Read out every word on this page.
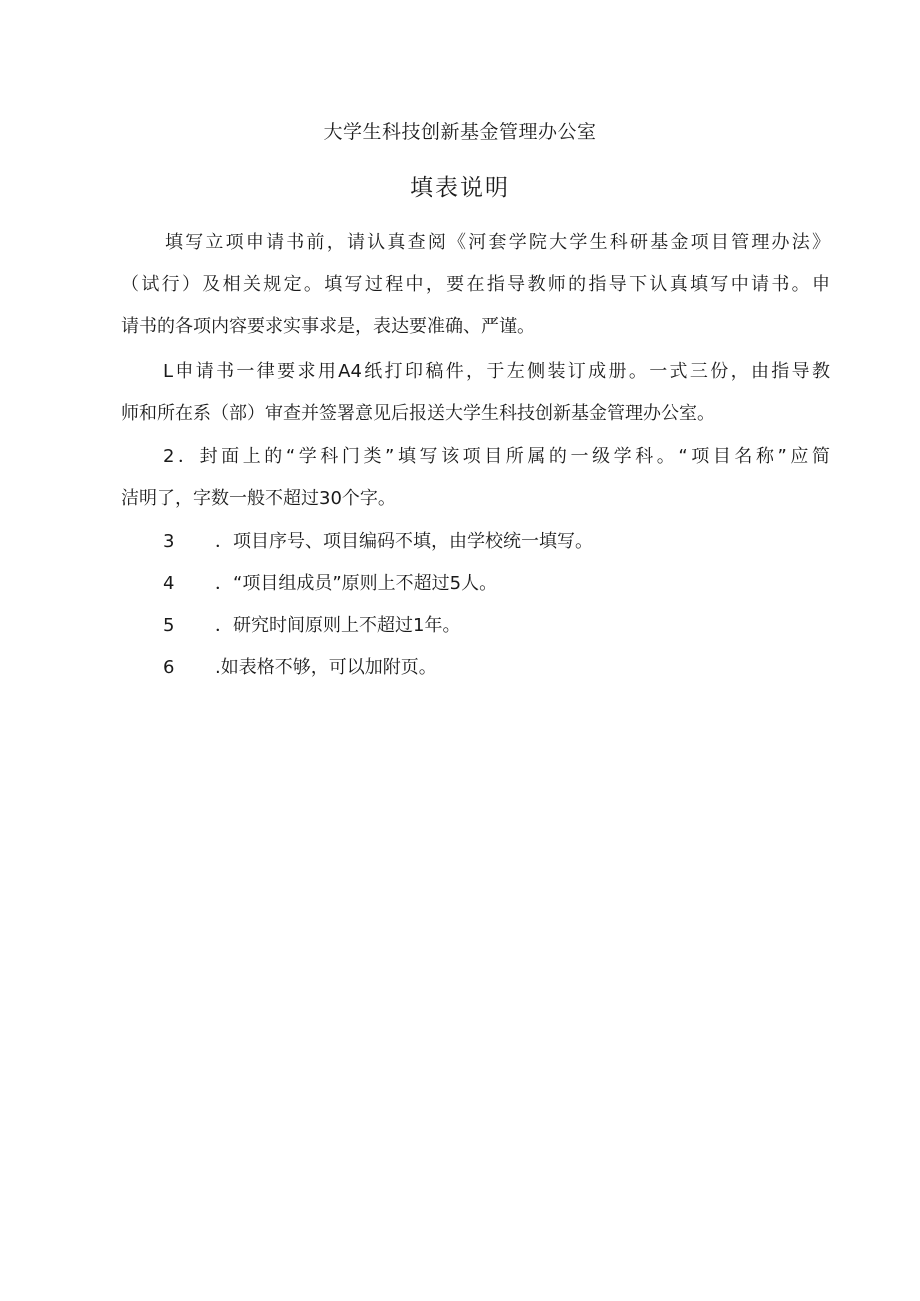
大学生科技创新基金管理办公室
填表说明
填写立项申请书前，请认真查阅《河套学院大学生科研基金项目管理办法》
（试行）及相关规定。填写过程中，要在指导教师的指导下认真填写中请书。申
请书的各项内容要求实事求是，表达要准确、严谨。
L申请书一律要求用A4纸打印稿件，于左侧装订成册。一式三份，由指导教
师和所在系（部）审查并签署意见后报送大学生科技创新基金管理办公室。
2．封面上的“学科门类”填写该项目所属的一级学科。“项目名称”应简
洁明了，字数一般不超过30个字。
3 ．项目序号、项目编码不填，由学校统一填写。
4 ．“项目组成员”原则上不超过5人。
5 ．研究时间原则上不超过1年。
6 .如表格不够，可以加附页。
